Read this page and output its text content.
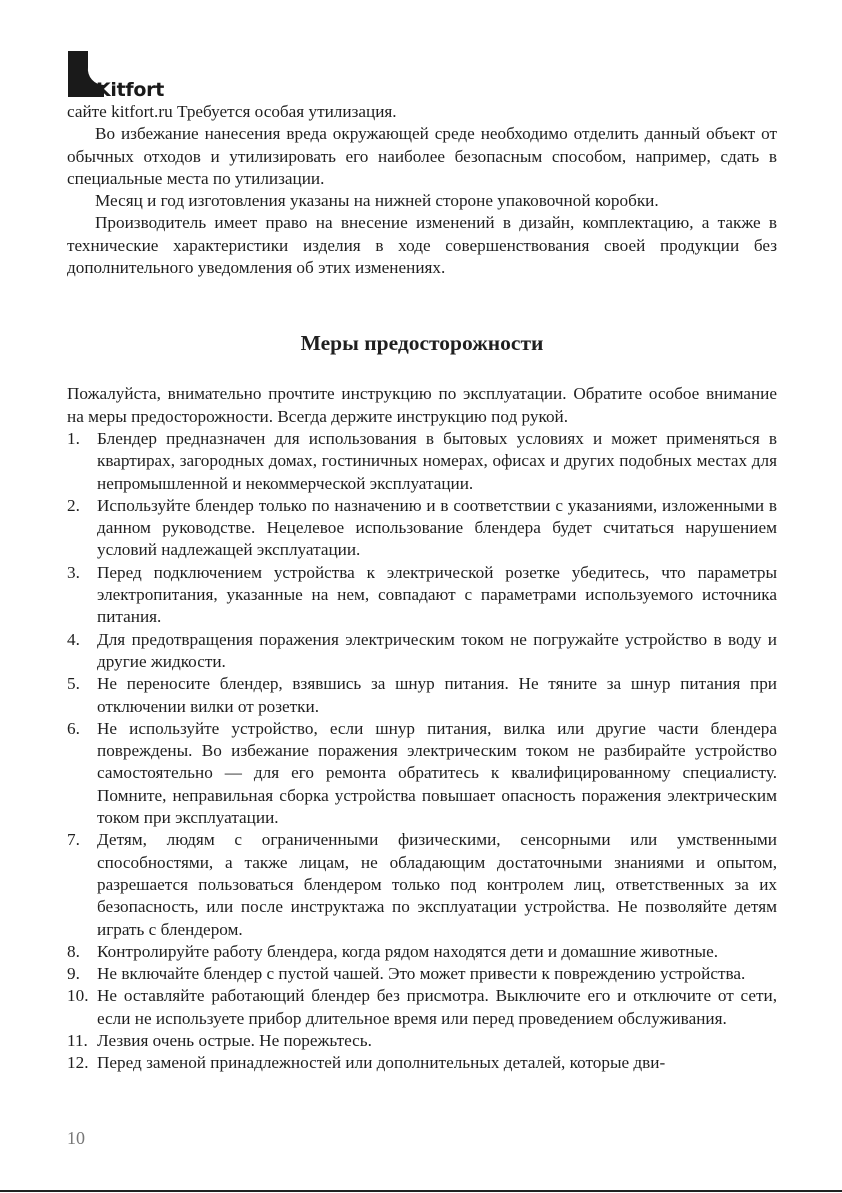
Kitfort

сайте kitfort.ru Требуется особая утилизация.

Во избежание нанесения вреда окружающей среде необходимо отделить данный объект от обычных отходов и утилизировать его наиболее безопасным способом, например, сдать в специальные места по утилизации.

Месяц и год изготовления указаны на нижней стороне упаковочной коробки.

Производитель имеет право на внесение изменений в дизайн, комплектацию, а также в технические характеристики изделия в ходе совершенствования своей продукции без дополнительного уведомления об этих изменениях.

Меры предосторожности

Пожалуйста, внимательно прочтите инструкцию по эксплуатации. Обратите особое внимание на меры предосторожности. Всегда держите инструкцию под рукой.

1. Блендер предназначен для использования в бытовых условиях и может применяться в квартирах, загородных домах, гостиничных номерах, офисах и других подобных местах для непромышленной и некоммерческой эксплуатации.
2. Используйте блендер только по назначению и в соответствии с указаниями, изложенными в данном руководстве. Нецелевое использование блендера будет считаться нарушением условий надлежащей эксплуатации.
3. Перед подключением устройства к электрической розетке убедитесь, что параметры электропитания, указанные на нем, совпадают с параметрами используемого источника питания.
4. Для предотвращения поражения электрическим током не погружайте устройство в воду и другие жидкости.
5. Не переносите блендер, взявшись за шнур питания. Не тяните за шнур питания при отключении вилки от розетки.
6. Не используйте устройство, если шнур питания, вилка или другие части блендера повреждены. Во избежание поражения электрическим током не разбирайте устройство самостоятельно — для его ремонта обратитесь к квалифицированному специалисту. Помните, неправильная сборка устройства повышает опасность поражения электрическим током при эксплуатации.
7. Детям, людям с ограниченными физическими, сенсорными или умственными способностями, а также лицам, не обладающим достаточными знаниями и опытом, разрешается пользоваться блендером только под контролем лиц, ответственных за их безопасность, или после инструктажа по эксплуатации устройства. Не позволяйте детям играть с блендером.
8. Контролируйте работу блендера, когда рядом находятся дети и домашние животные.
9. Не включайте блендер с пустой чашей. Это может привести к повреждению устройства.
10. Не оставляйте работающий блендер без присмотра. Выключите его и отключите от сети, если не используете прибор длительное время или перед проведением обслуживания.
11. Лезвия очень острые. Не порежьтесь.
12. Перед заменой принадлежностей или дополнительных деталей, которые дви-
10
